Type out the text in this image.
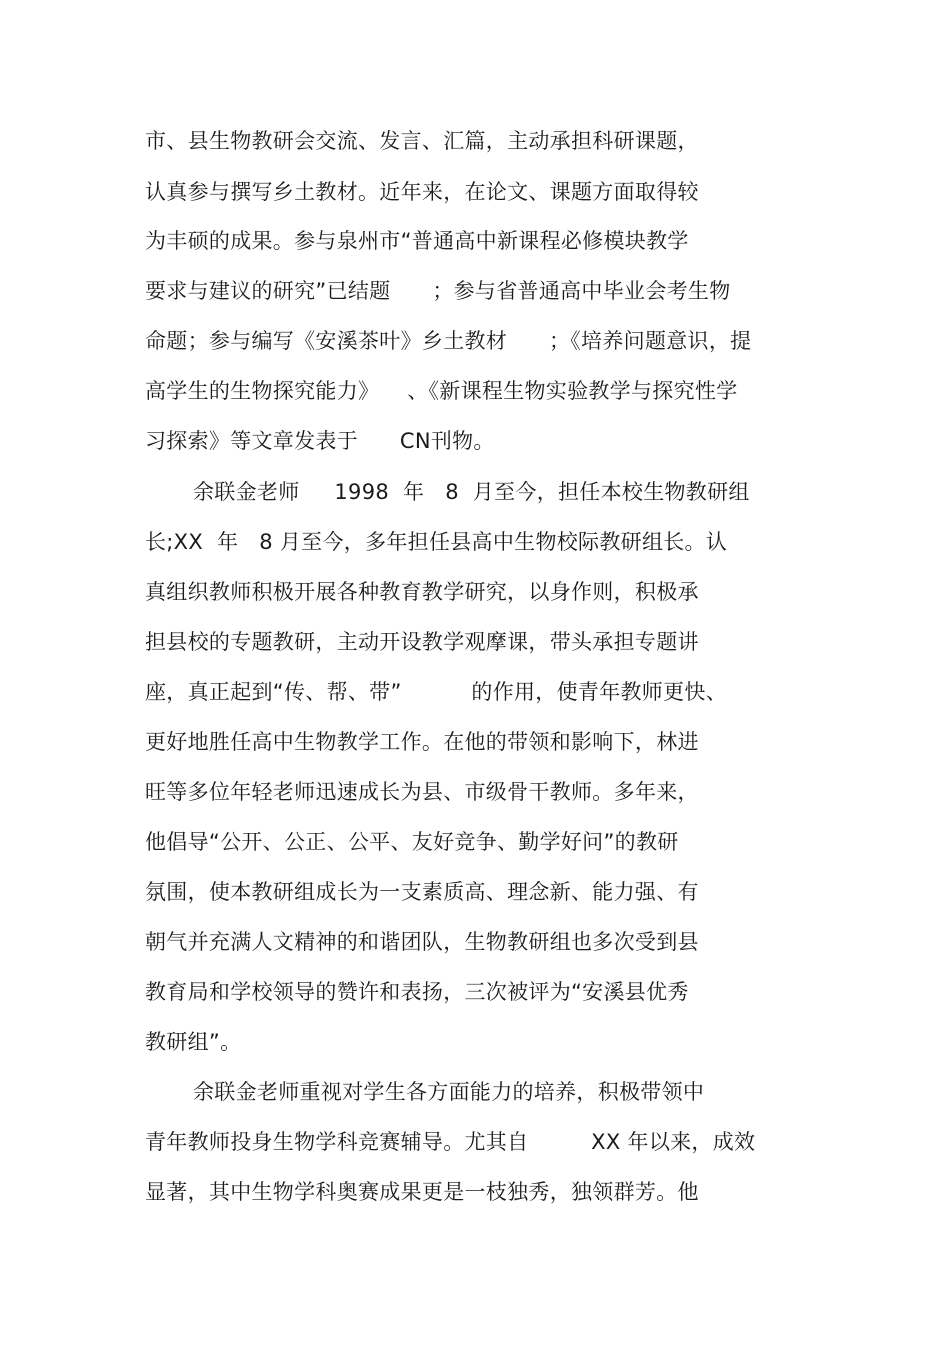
市、县生物教研会交流、发言、汇篇，主动承担科研课题，
认真参与撰写乡土教材。近年来，在论文、课题方面取得较
为丰硕的成果。参与泉州市“普通高中新课程必修模块教学
要求与建议的研究”已结题      ；参与省普通高中毕业会考生物
命题；参与编写《安溪茶叶》乡土教材      ；《培养问题意识，提
高学生的生物探究能力》    、《新课程生物实验教学与探究性学
习探索》等文章发表于      CN刊物。
余联金老师     1998  年   8  月至今，担任本校生物教研组
长;XX  年   8 月至今，多年担任县高中生物校际教研组长。认
真组织教师积极开展各种教育教学研究，以身作则，积极承
担县校的专题教研，主动开设教学观摩课，带头承担专题讲
座，真正起到“传、帮、带”          的作用，使青年教师更快、
更好地胜任高中生物教学工作。在他的带领和影响下，林进
旺等多位年轻老师迅速成长为县、市级骨干教师。多年来，
他倡导“公开、公正、公平、友好竞争、勤学好问”的教研
氛围，使本教研组成长为一支素质高、理念新、能力强、有
朝气并充满人文精神的和谐团队，生物教研组也多次受到县
教育局和学校领导的赞许和表扬，三次被评为“安溪县优秀
教研组”。
余联金老师重视对学生各方面能力的培养，积极带领中
青年教师投身生物学科竞赛辅导。尤其自         XX 年以来，成效
显著，其中生物学科奥赛成果更是一枝独秀，独领群芳。他
